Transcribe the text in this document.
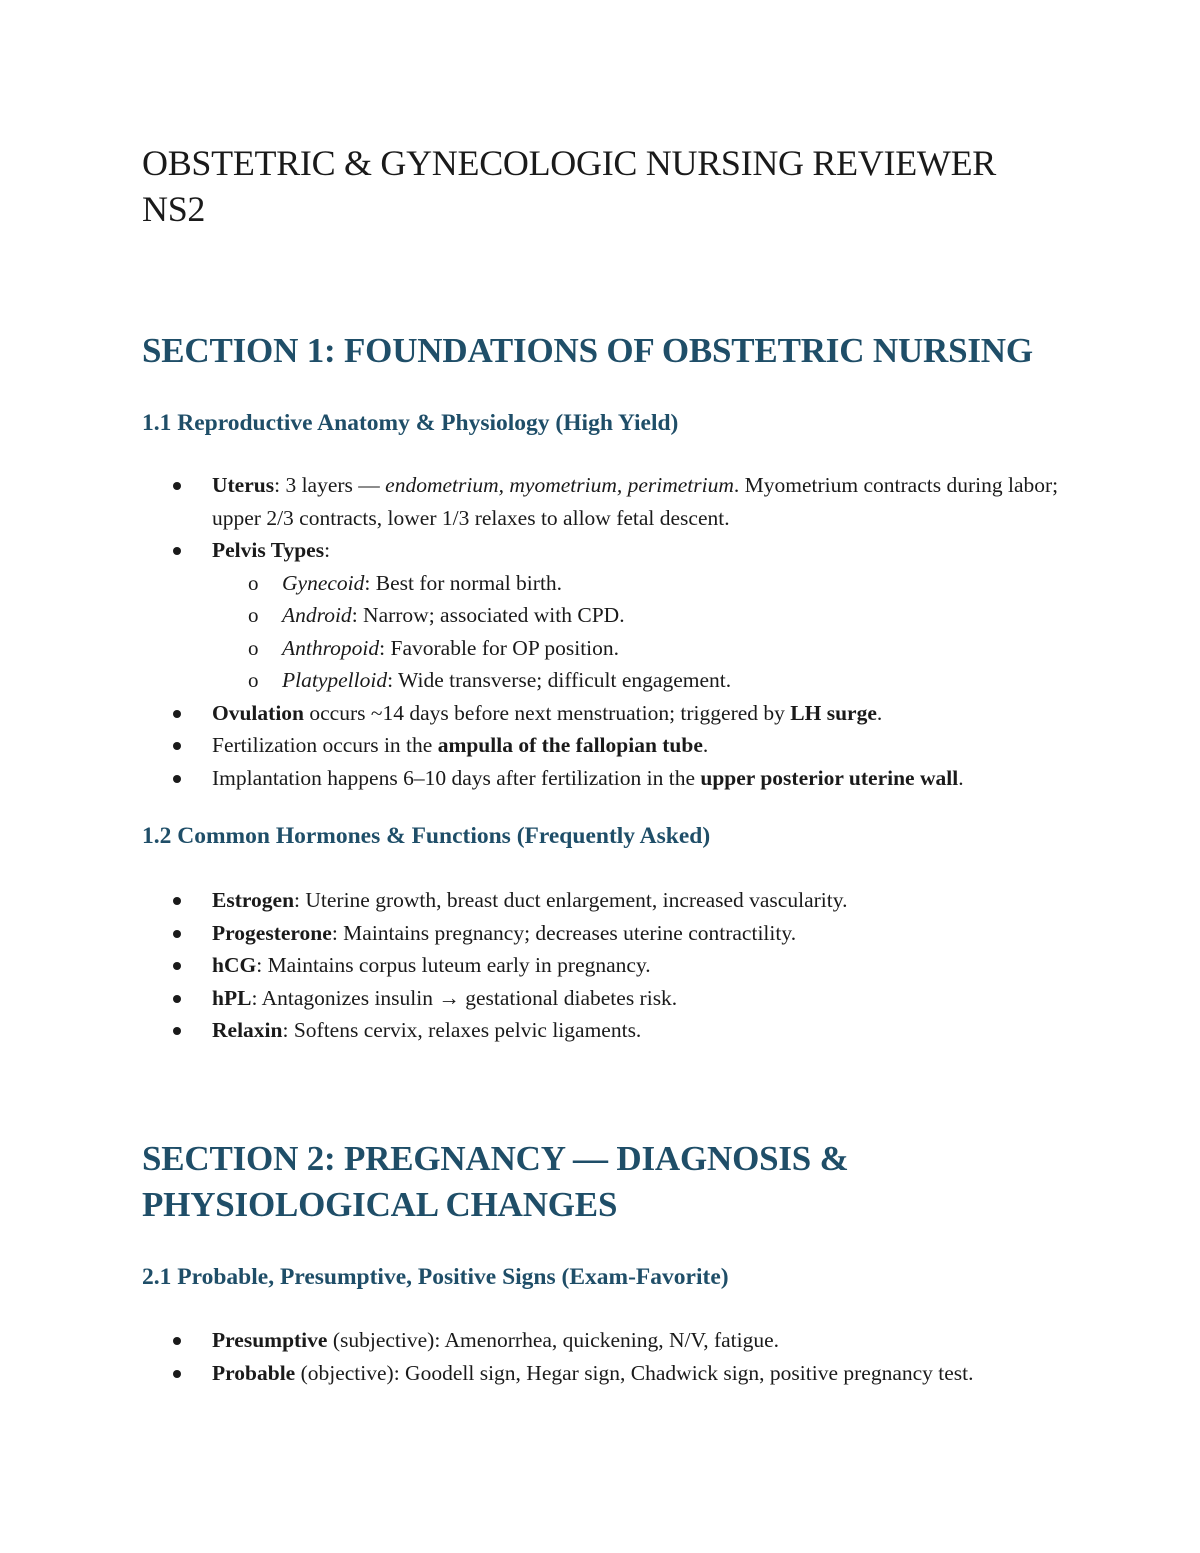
OBSTETRIC & GYNECOLOGIC NURSING REVIEWER
NS2
SECTION 1: FOUNDATIONS OF OBSTETRIC NURSING
1.1 Reproductive Anatomy & Physiology (High Yield)
Uterus: 3 layers — endometrium, myometrium, perimetrium. Myometrium contracts during labor; upper 2/3 contracts, lower 1/3 relaxes to allow fetal descent.
Pelvis Types:
o Gynecoid: Best for normal birth.
o Android: Narrow; associated with CPD.
o Anthropoid: Favorable for OP position.
o Platypelloid: Wide transverse; difficult engagement.
Ovulation occurs ~14 days before next menstruation; triggered by LH surge.
Fertilization occurs in the ampulla of the fallopian tube.
Implantation happens 6–10 days after fertilization in the upper posterior uterine wall.
1.2 Common Hormones & Functions (Frequently Asked)
Estrogen: Uterine growth, breast duct enlargement, increased vascularity.
Progesterone: Maintains pregnancy; decreases uterine contractility.
hCG: Maintains corpus luteum early in pregnancy.
hPL: Antagonizes insulin → gestational diabetes risk.
Relaxin: Softens cervix, relaxes pelvic ligaments.
SECTION 2: PREGNANCY — DIAGNOSIS &
PHYSIOLOGICAL CHANGES
2.1 Probable, Presumptive, Positive Signs (Exam-Favorite)
Presumptive (subjective): Amenorrhea, quickening, N/V, fatigue.
Probable (objective): Goodell sign, Hegar sign, Chadwick sign, positive pregnancy test.
